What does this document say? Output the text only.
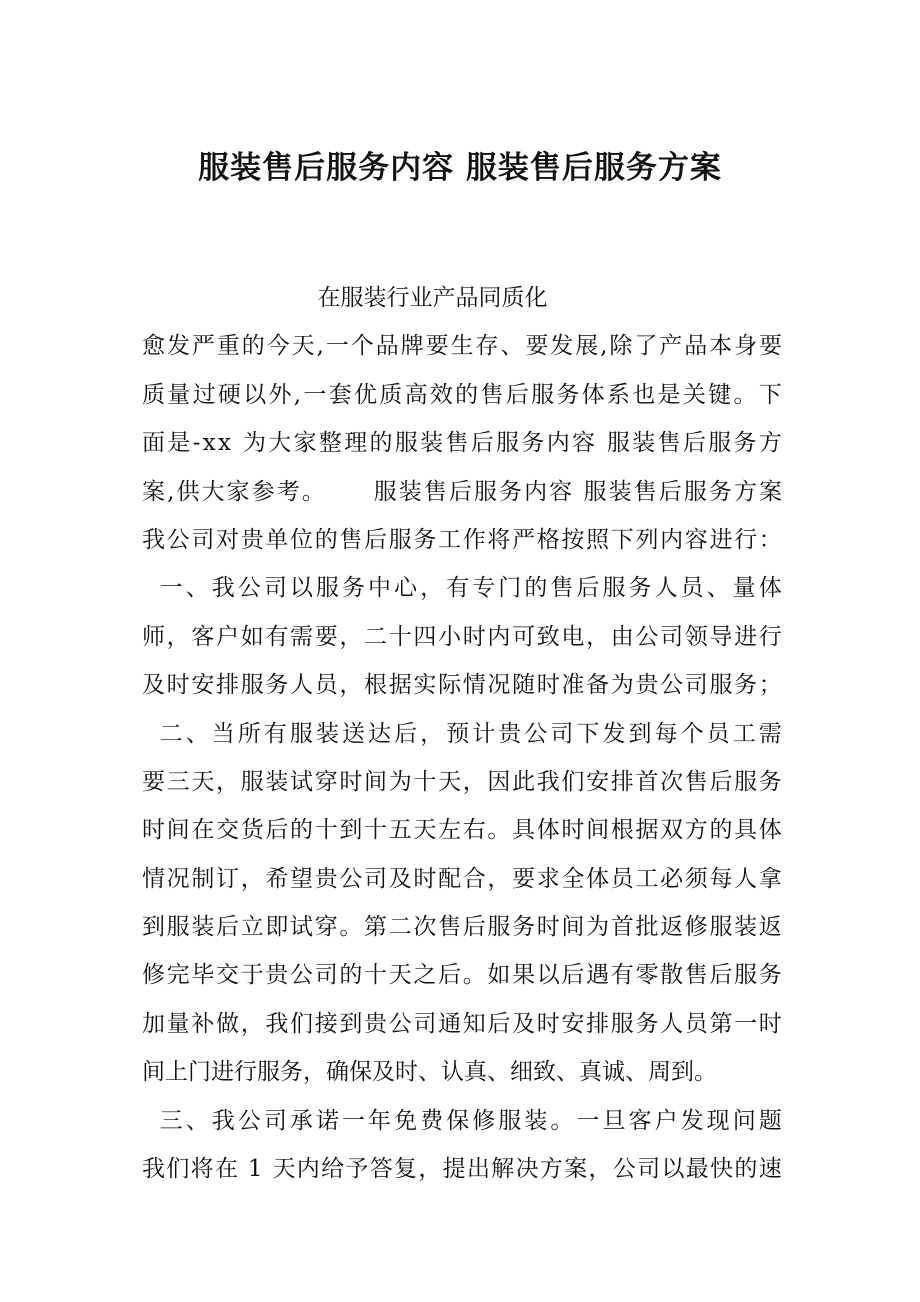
服装售后服务内容 服装售后服务方案
在服装行业产品同质化
愈 发 严 重 的 今 天 , 一 个 品 牌 要 生 存 、 要 发 展 , 除 了 产 品 本 身 要
质 量 过 硬 以 外 , 一 套 优 质 高 效 的 售 后 服 务 体 系 也 是 关 键 。 下
面 是 - x x
为 大 家 整 理 的 服 装 售 后 服 务 内 容
服 装 售 后 服 务 方
案 , 供 大 家 参 考 。

服 装 售 后 服 务 内 容
服 装 售 后 服 务 方 案
我 公 司 对 贵 单 位 的 售 后 服 务 工 作 将 严 格 按 照 下 列 内 容 进 行 ：

一 、 我 公 司 以 服 务 中 心 ， 有 专 门 的 售 后 服 务 人 员 、 量 体
师 ， 客 户 如 有 需 要 ， 二 十 四 小 时 内 可 致 电 ， 由 公 司 领 导 进 行
及 时 安 排 服 务 人 员 ， 根 据 实 际 情 况 随 时 准 备 为 贵 公 司 服 务 ；

二 、 当 所 有 服 装 送 达 后 ， 预 计 贵 公 司 下 发 到 每 个 员 工 需
要 三 天 ， 服 装 试 穿 时 间 为 十 天 ， 因 此 我 们 安 排 首 次 售 后 服 务
时 间 在 交 货 后 的 十 到 十 五 天 左 右 。 具 体 时 间 根 据 双 方 的 具 体
情 况 制 订 ， 希 望 贵 公 司 及 时 配 合 ， 要 求 全 体 员 工 必 须 每 人 拿
到 服 装 后 立 即 试 穿 。 第 二 次 售 后 服 务 时 间 为 首 批 返 修 服 装 返
修 完 毕 交 于 贵 公 司 的 十 天 之 后 。 如 果 以 后 遇 有 零 散 售 后 服 务
加 量 补 做 ， 我 们 接 到 贵 公 司 通 知 后 及 时 安 排 服 务 人 员 第 一 时
间上门进行服务，确保及时、认真、细致、真诚、周到。

三 、 我 公 司 承 诺 一 年 免 费 保 修 服 装 。 一 旦 客 户 发 现 问 题
我 们 将 在
1
天 内 给 予 答 复 ， 提 出 解 决 方 案 ， 公 司 以 最 快 的 速
